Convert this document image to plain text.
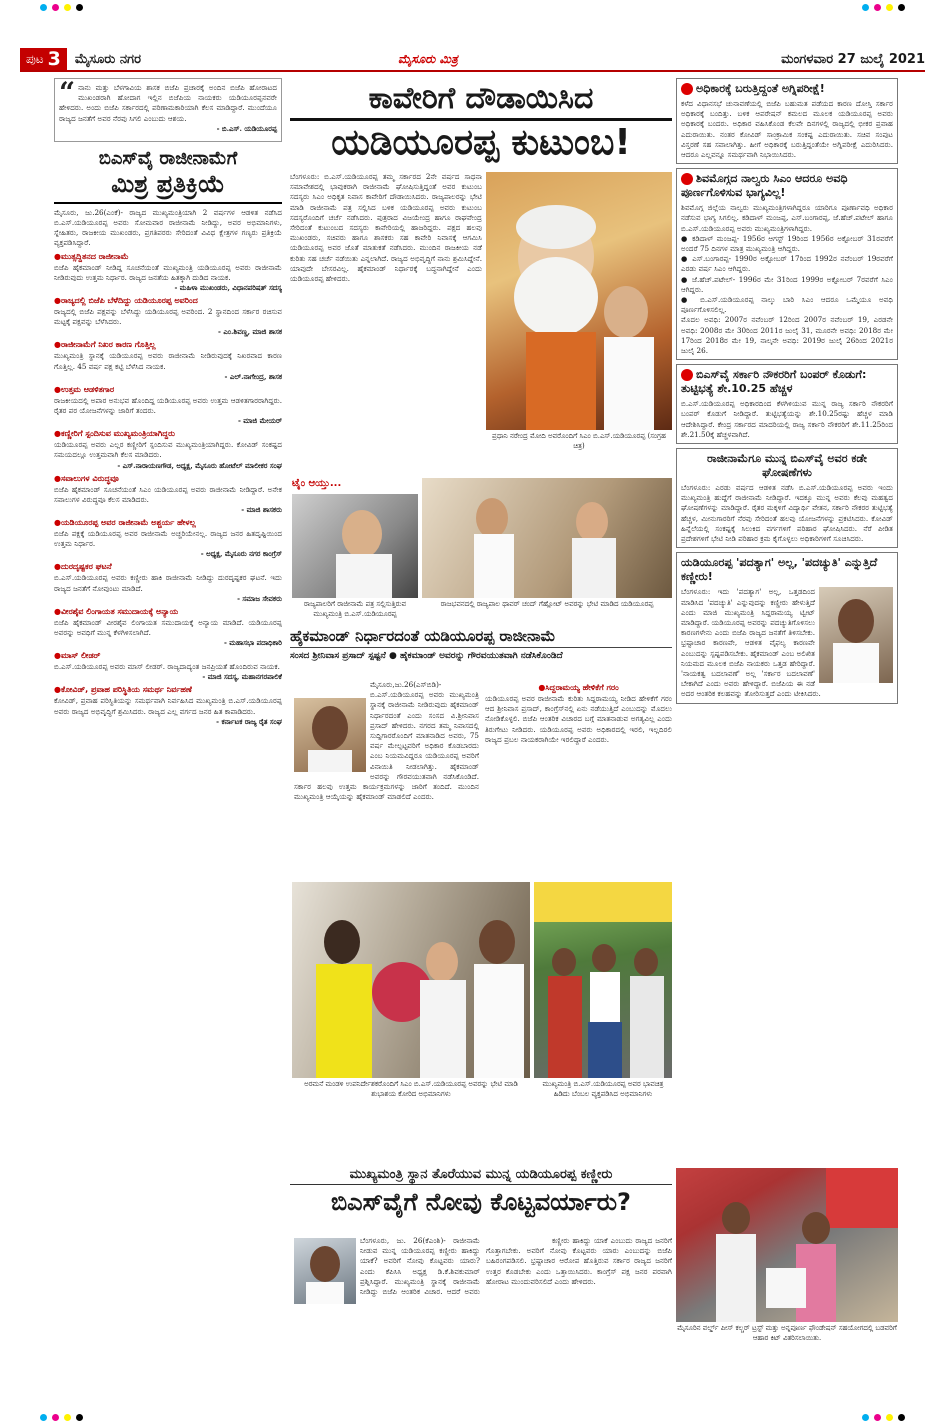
ಪುಟ 3 ಮೈಸೂರು ನಗರ	ಮೈಸೂರು ಮಿತ್ರ	ಮಂಗಳವಾರ 27 ಜುಲೈ 2021
“ ನಾನು ಮತ್ತು ಬೆಳಗಾವಿಯ ಶಾಸಕ ಬಿಜೆಪಿ ಪ್ರಚಾರಕ್ಕೆ ಅಂದಿನ ಬಿಜೆಪಿ ಹೋರಾಟದ ಮುಖಂಡರಾಗಿ ಹೋದಾಗ ಇಲ್ಲಿನ ಬಿಜೆಪಿಯ ನಾಯಕರು ಯಡಿಯೂರಪ್ಪನವರೇ ಹೇಳಿದರು. ಅಂದು ಬಿಜೆಪಿ ಸರ್ಕಾರದಲ್ಲಿ ಪರಿಣಾಮಕಾರಿಯಾಗಿ ಕೆಲಸ ಮಾಡಿದ್ದಾರೆ. ಮುಂದೆಯೂ ರಾಜ್ಯದ ಜನತೆಗೆ ಅವರ ನೆರವು ಸಿಗಲಿ ಎಂಬುದು ಆಶಯ.
- ಬಿ.ಎಸ್. ಯಡಿಯೂರಪ್ಪ
ಬಿಎಸ್‌ವೈ ರಾಜೀನಾಮೆಗೆ
ಮಿಶ್ರ ಪ್ರತಿಕ್ರಿಯೆ
ಮೈಸೂರು, ಜು.26(ಎಂಕೆ)- ರಾಜ್ಯದ ಮುಖ್ಯಮಂತ್ರಿಯಾಗಿ 2 ವರ್ಷಗಳ ಆಡಳಿತ ನಡೆಸಿದ ಬಿ.ಎಸ್.ಯಡಿಯೂರಪ್ಪ ಅವರು ಸೋಮವಾರ ರಾಜೀನಾಮೆ ನೀಡಿದ್ದು, ಅವರ ಅಭಿಮಾನಿಗಳು, ಸ್ನೇಹಿತರು, ರಾಜಕೀಯ ಮುಖಂಡರು, ಪ್ರಗತಿಪರರು ಸೇರಿದಂತೆ ವಿವಿಧ ಕ್ಷೇತ್ರಗಳ ಗಣ್ಯರು ಪ್ರತಿಕ್ರಿಯೆ ವ್ಯಕ್ತಪಡಿಸಿದ್ದಾರೆ.
● ಮುತ್ಸದ್ದಿತನದ ರಾಜೀನಾಮೆ
ಬಿಜೆಪಿ ಹೈಕಮಾಂಡ್ ನೀಡಿದ್ದ ಸೂಚನೆಯಂತೆ ಮುಖ್ಯಮಂತ್ರಿ ಯಡಿಯೂರಪ್ಪ ಅವರು ರಾಜೀನಾಮೆ ನೀಡಿರುವುದು ಉತ್ತಮ ನಿರ್ಧಾರ. ರಾಜ್ಯದ ಜನತೆಯ ಹಿತಕ್ಕಾಗಿ ದುಡಿದ ನಾಯಕ.
- ಮಹಿಳಾ ಮುಖಂಡರು, ವಿಧಾನಪರಿಷತ್ ಸದಸ್ಯ
● ರಾಜ್ಯದಲ್ಲಿ ಬಿಜೆಪಿ ಬೆಳೆದಿದ್ದು ಯಡಿಯೂರಪ್ಪ ಅವರಿಂದ
ರಾಜ್ಯದಲ್ಲಿ ಬಿಜೆಪಿ ಪಕ್ಷವನ್ನು ಬೆಳೆಸಿದ್ದು ಯಡಿಯೂರಪ್ಪ ಅವರಿಂದ. 2 ಸ್ಥಾನದಿಂದ ಸರ್ಕಾರ ರಚಿಸುವ ಮಟ್ಟಕ್ಕೆ ಪಕ್ಷವನ್ನು ಬೆಳೆಸಿದರು.
- ಎಂ.ಶಿವಣ್ಣ, ಮಾಜಿ ಶಾಸಕ
● ರಾಜೀನಾಮೆಗೆ ನಿಖರ ಕಾರಣ ಗೊತ್ತಿಲ್ಲ
ಮುಖ್ಯಮಂತ್ರಿ ಸ್ಥಾನಕ್ಕೆ ಯಡಿಯೂರಪ್ಪ ಅವರು ರಾಜೀನಾಮೆ ನೀಡಿರುವುದಕ್ಕೆ ನಿಖರವಾದ ಕಾರಣ ಗೊತ್ತಿಲ್ಲ. 45 ವರ್ಷ ಪಕ್ಷ ಕಟ್ಟಿ ಬೆಳೆಸಿದ ನಾಯಕ.
- ಎಲ್.ನಾಗೇಂದ್ರ, ಶಾಸಕ
● ಉತ್ತಮ ಆಡಳಿತಗಾರ
ರಾಜಕೀಯದಲ್ಲಿ ಅಪಾರ ಅನುಭವ ಹೊಂದಿದ್ದ ಯಡಿಯೂರಪ್ಪ ಅವರು ಉತ್ತಮ ಆಡಳಿತಗಾರರಾಗಿದ್ದರು. ರೈತರ ಪರ ಯೋಜನೆಗಳನ್ನು ಜಾರಿಗೆ ತಂದರು.
- ಮಾಜಿ ಮೇಯರ್
● ಕಣ್ಣೀರಿಗೆ ಸ್ಪಂದಿಸುವ ಮುಖ್ಯಮಂತ್ರಿಯಾಗಿದ್ದರು
ಯಡಿಯೂರಪ್ಪ ಅವರು ಎಲ್ಲರ ಕಣ್ಣೀರಿಗೆ ಸ್ಪಂದಿಸುವ ಮುಖ್ಯಮಂತ್ರಿಯಾಗಿದ್ದರು. ಕೋವಿಡ್ ಸಂಕಷ್ಟದ ಸಮಯದಲ್ಲೂ ಉತ್ತಮವಾಗಿ ಕೆಲಸ ಮಾಡಿದರು.
- ಎಸ್.ನಾರಾಯಣಗೌಡ, ಅಧ್ಯಕ್ಷ, ಮೈಸೂರು ಹೋಟೆಲ್ ಮಾಲೀಕರ ಸಂಘ
● ಸವಾಲುಗಳ ವಿರುದ್ಧವೂ
ಬಿಜೆಪಿ ಹೈಕಮಾಂಡ್ ಸೂಚನೆಯಂತೆ ಸಿಎಂ ಯಡಿಯೂರಪ್ಪ ಅವರು ರಾಜೀನಾಮೆ ನೀಡಿದ್ದಾರೆ. ಅನೇಕ ಸವಾಲುಗಳ ವಿರುದ್ಧವೂ ಕೆಲಸ ಮಾಡಿದರು.
- ಮಾಜಿ ಶಾಸಕರು
● ಯಡಿಯೂರಪ್ಪ ಅವರ ರಾಜೀನಾಮೆ ಅಶ್ಚರ್ಯ ಹೇಳಲ್ಲ
ಬಿಜೆಪಿ ಪಕ್ಷಕ್ಕೆ ಯಡಿಯೂರಪ್ಪ ಅವರ ರಾಜೀನಾಮೆ ಅಚ್ಚರಿಯೇನಲ್ಲ. ರಾಜ್ಯದ ಜನರ ಹಿತದೃಷ್ಟಿಯಿಂದ ಉತ್ತಮ ನಿರ್ಧಾರ.
- ಅಧ್ಯಕ್ಷ, ಮೈಸೂರು ನಗರ ಕಾಂಗ್ರೆಸ್
● ದುರದೃಷ್ಟಕರ ಘಟನೆ
ಬಿ.ಎಸ್.ಯಡಿಯೂರಪ್ಪ ಅವರು ಕಣ್ಣೀರು ಹಾಕಿ ರಾಜೀನಾಮೆ ನೀಡಿದ್ದು ದುರದೃಷ್ಟಕರ ಘಟನೆ. ಇದು ರಾಜ್ಯದ ಜನತೆಗೆ ನೋವುಂಟು ಮಾಡಿದೆ.
- ಸಮಾಜ ಸೇವಕರು
● ವೀರಶೈವ ಲಿಂಗಾಯತ ಸಮುದಾಯಕ್ಕೆ ಅನ್ಯಾಯ
ಬಿಜೆಪಿ ಹೈಕಮಾಂಡ್ ವೀರಶೈವ ಲಿಂಗಾಯತ ಸಮುದಾಯಕ್ಕೆ ಅನ್ಯಾಯ ಮಾಡಿದೆ. ಯಡಿಯೂರಪ್ಪ ಅವರನ್ನು ಅವಧಿಗೆ ಮುನ್ನ ಕೆಳಗಿಳಿಸಲಾಗಿದೆ.
- ಮಹಾಸಭಾ ಪದಾಧಿಕಾರಿ
● ಮಾಸ್ ಲೀಡರ್
ಬಿ.ಎಸ್.ಯಡಿಯೂರಪ್ಪ ಅವರು ಮಾಸ್ ಲೀಡರ್. ರಾಜ್ಯದಾದ್ಯಂತ ಜನಪ್ರಿಯತೆ ಹೊಂದಿರುವ ನಾಯಕ.
- ಮಾಜಿ ಸದಸ್ಯ, ಮಹಾನಗರಪಾಲಿಕೆ
● ಕೋವಿಡ್, ಪ್ರವಾಹ ಪರಿಸ್ಥಿತಿಯ ಸಮರ್ಥ ನಿರ್ವಹಣೆ
ಕೋವಿಡ್, ಪ್ರವಾಹ ಪರಿಸ್ಥಿತಿಯನ್ನು ಸಮರ್ಥವಾಗಿ ನಿರ್ವಹಿಸಿದ ಮುಖ್ಯಮಂತ್ರಿ ಬಿ.ಎಸ್.ಯಡಿಯೂರಪ್ಪ ಅವರು ರಾಜ್ಯದ ಅಭಿವೃದ್ಧಿಗೆ ಶ್ರಮಿಸಿದರು. ರಾಜ್ಯದ ಎಲ್ಲ ವರ್ಗದ ಜನರ ಹಿತ ಕಾಪಾಡಿದರು.
- ಕರ್ನಾಟಕ ರಾಜ್ಯ ರೈತ ಸಂಘ
ಕಾವೇರಿಗೆ ದೌಡಾಯಿಸಿದ
ಯಡಿಯೂರಪ್ಪ ಕುಟುಂಬ!
ಬೆಂಗಳೂರು: ಬಿ.ಎಸ್.ಯಡಿಯೂರಪ್ಪ ತಮ್ಮ ಸರ್ಕಾರದ 2ನೇ ವರ್ಷದ ಸಾಧನಾ ಸಮಾವೇಶದಲ್ಲಿ ಭಾವುಕರಾಗಿ ರಾಜೀನಾಮೆ ಘೋಷಿಸುತ್ತಿದ್ದಂತೆ ಅವರ ಕುಟುಂಬ ಸದಸ್ಯರು ಸಿಎಂ ಅಧಿಕೃತ ನಿವಾಸ ಕಾವೇರಿಗೆ ದೌಡಾಯಿಸಿದರು. ರಾಜ್ಯಪಾಲರನ್ನು ಭೇಟಿ ಮಾಡಿ ರಾಜೀನಾಮೆ ಪತ್ರ ಸಲ್ಲಿಸಿದ ಬಳಿಕ ಯಡಿಯೂರಪ್ಪ ಅವರು ಕುಟುಂಬ ಸದಸ್ಯರೊಂದಿಗೆ ಚರ್ಚೆ ನಡೆಸಿದರು. ಪುತ್ರರಾದ ವಿಜಯೇಂದ್ರ ಹಾಗೂ ರಾಘವೇಂದ್ರ ಸೇರಿದಂತೆ ಕುಟುಂಬದ ಸದಸ್ಯರು ಕಾವೇರಿಯಲ್ಲಿ ಹಾಜರಿದ್ದರು. ಪಕ್ಷದ ಹಲವು ಮುಖಂಡರು, ಸಚಿವರು ಹಾಗೂ ಶಾಸಕರು ಸಹ ಕಾವೇರಿ ನಿವಾಸಕ್ಕೆ ಆಗಮಿಸಿ ಯಡಿಯೂರಪ್ಪ ಅವರ ಜೊತೆ ಮಾತುಕತೆ ನಡೆಸಿದರು. ಮುಂದಿನ ರಾಜಕೀಯ ನಡೆ ಕುರಿತು ಸಹ ಚರ್ಚೆ ನಡೆಯಿತು ಎನ್ನಲಾಗಿದೆ. ರಾಜ್ಯದ ಅಭಿವೃದ್ಧಿಗೆ ನಾನು ಶ್ರಮಿಸಿದ್ದೇನೆ. ಯಾವುದೇ ಬೇಸರವಿಲ್ಲ. ಹೈಕಮಾಂಡ್ ನಿರ್ಧಾರಕ್ಕೆ ಬದ್ಧನಾಗಿದ್ದೇನೆ ಎಂದು ಯಡಿಯೂರಪ್ಪ ಹೇಳಿದರು.
ಪ್ರಧಾನಿ ನರೇಂದ್ರ ಮೋದಿ ಅವರೊಂದಿಗೆ ಸಿಎಂ ಬಿ.ಎಸ್.ಯಡಿಯೂರಪ್ಪ (ಸಂಗ್ರಹ ಚಿತ್ರ)
ಟೈಂ ಆಯ್ತು...
ರಾಜ್ಯಪಾಲರಿಗೆ ರಾಜೀನಾಮೆ ಪತ್ರ ಸಲ್ಲಿಸುತ್ತಿರುವ ಮುಖ್ಯಮಂತ್ರಿ ಬಿ.ಎಸ್.ಯಡಿಯೂರಪ್ಪ
ರಾಜಭವನದಲ್ಲಿ ರಾಜ್ಯಪಾಲ ಥಾವರ್ ಚಂದ್ ಗೆಹ್ಲೋಟ್ ಅವರನ್ನು ಭೇಟಿ ಮಾಡಿದ ಯಡಿಯೂರಪ್ಪ
ಹೈಕಮಾಂಡ್ ನಿರ್ಧಾರದಂತೆ ಯಡಿಯೂರಪ್ಪ ರಾಜೀನಾಮೆ
ಸಂಸದ ಶ್ರೀನಿವಾಸ ಪ್ರಸಾದ್ ಸ್ಪಷ್ಟನೆ ● ಹೈಕಮಾಂಡ್ ಅವರನ್ನು ಗೌರವಯುತವಾಗಿ ನಡೆಸಿಕೊಂಡಿದೆ
ಮೈಸೂರು,ಜು.26(ಎಸ್‌ಬಿಡಿ)- ಬಿ.ಎಸ್.ಯಡಿಯೂರಪ್ಪ ಅವರು ಮುಖ್ಯಮಂತ್ರಿ ಸ್ಥಾನಕ್ಕೆ ರಾಜೀನಾಮೆ ನೀಡಿರುವುದು ಹೈಕಮಾಂಡ್ ನಿರ್ಧಾರದಂತೆ ಎಂದು ಸಂಸದ ವಿ.ಶ್ರೀನಿವಾಸ ಪ್ರಸಾದ್ ಹೇಳಿದರು. ನಗರದ ತಮ್ಮ ನಿವಾಸದಲ್ಲಿ ಸುದ್ದಿಗಾರರೊಂದಿಗೆ ಮಾತನಾಡಿದ ಅವರು, 75 ವರ್ಷ ಮೇಲ್ಪಟ್ಟವರಿಗೆ ಅಧಿಕಾರ ಕೊಡಬಾರದು ಎಂಬ ನಿಯಮವಿದ್ದರೂ ಯಡಿಯೂರಪ್ಪ ಅವರಿಗೆ ವಿನಾಯಿತಿ ನೀಡಲಾಗಿತ್ತು. ಹೈಕಮಾಂಡ್ ಅವರನ್ನು ಗೌರವಯುತವಾಗಿ ನಡೆಸಿಕೊಂಡಿದೆ. ಸರ್ಕಾರ ಹಲವು ಉತ್ತಮ ಕಾರ್ಯಕ್ರಮಗಳನ್ನು ಜಾರಿಗೆ ತಂದಿದೆ. ಮುಂದಿನ ಮುಖ್ಯಮಂತ್ರಿ ಆಯ್ಕೆಯನ್ನು ಹೈಕಮಾಂಡ್ ಮಾಡಲಿದೆ ಎಂದರು.
● ಸಿದ್ದರಾಮಯ್ಯ ಹೇಳಿಕೆಗೆ ಗರಂ
ಯಡಿಯೂರಪ್ಪ ಅವರ ರಾಜೀನಾಮೆ ಕುರಿತು ಸಿದ್ದರಾಮಯ್ಯ ನೀಡಿದ ಹೇಳಿಕೆಗೆ ಗರಂ ಆದ ಶ್ರೀನಿವಾಸ ಪ್ರಸಾದ್, ಕಾಂಗ್ರೆಸ್‌ನಲ್ಲಿ ಏನು ನಡೆಯುತ್ತಿದೆ ಎಂಬುದನ್ನು ಮೊದಲು ನೋಡಿಕೊಳ್ಳಲಿ. ಬಿಜೆಪಿ ಆಂತರಿಕ ವಿಚಾರದ ಬಗ್ಗೆ ಮಾತನಾಡುವ ಅಗತ್ಯವಿಲ್ಲ ಎಂದು ತಿರುಗೇಟು ನೀಡಿದರು. ಯಡಿಯೂರಪ್ಪ ಅವರು ಅಧಿಕಾರದಲ್ಲಿ ಇರಲಿ, ಇಲ್ಲದಿರಲಿ ರಾಜ್ಯದ ಪ್ರಬಲ ನಾಯಕರಾಗಿಯೇ ಇರಲಿದ್ದಾರೆ ಎಂದರು.
ಅರಮನೆ ಮಂಡಳಿ ಉಪನಿರ್ದೇಶಕರೊಂದಿಗೆ ಸಿಎಂ ಬಿ.ಎಸ್.ಯಡಿಯೂರಪ್ಪ ಅವರನ್ನು ಭೇಟಿ ಮಾಡಿ ಶುಭಾಶಯ ಕೋರಿದ ಅಭಿಮಾನಿಗಳು
ಮುಖ್ಯಮಂತ್ರಿ ಬಿ.ಎಸ್.ಯಡಿಯೂರಪ್ಪ ಅವರ ಭಾವಚಿತ್ರ ಹಿಡಿದು ಬೆಂಬಲ ವ್ಯಕ್ತಪಡಿಸಿದ ಅಭಿಮಾನಿಗಳು
ಮುಖ್ಯಮಂತ್ರಿ ಸ್ಥಾನ ತೊರೆಯುವ ಮುನ್ನ ಯಡಿಯೂರಪ್ಪ ಕಣ್ಣೀರು
ಬಿಎಸ್‌ವೈಗೆ ನೋವು ಕೊಟ್ಟವರ್ಯಾರು?
ಬೆಂಗಳೂರು, ಜು. 26(ಕೆಎಂಶಿ)- ರಾಜೀನಾಮೆ ನೀಡುವ ಮುನ್ನ ಯಡಿಯೂರಪ್ಪ ಕಣ್ಣೀರು ಹಾಕಿದ್ದು ಯಾಕೆ? ಅವರಿಗೆ ನೋವು ಕೊಟ್ಟವರು ಯಾರು? ಎಂದು ಕೆಪಿಸಿಸಿ ಅಧ್ಯಕ್ಷ ಡಿ.ಕೆ.ಶಿವಕುಮಾರ್ ಪ್ರಶ್ನಿಸಿದ್ದಾರೆ. ಮುಖ್ಯಮಂತ್ರಿ ಸ್ಥಾನಕ್ಕೆ ರಾಜೀನಾಮೆ ನೀಡಿದ್ದು ಬಿಜೆಪಿ ಆಂತರಿಕ ವಿಚಾರ. ಆದರೆ ಅವರು ಕಣ್ಣೀರು ಹಾಕಿದ್ದು ಯಾಕೆ ಎಂಬುದು ರಾಜ್ಯದ ಜನರಿಗೆ ಗೊತ್ತಾಗಬೇಕು. ಅವರಿಗೆ ನೋವು ಕೊಟ್ಟವರು ಯಾರು ಎಂಬುದನ್ನು ಬಿಜೆಪಿ ಬಹಿರಂಗಪಡಿಸಲಿ. ಭ್ರಷ್ಟಾಚಾರ ಆರೋಪ ಹೊತ್ತಿರುವ ಸರ್ಕಾರ ರಾಜ್ಯದ ಜನರಿಗೆ ಉತ್ತರ ಕೊಡಬೇಕು ಎಂದು ಒತ್ತಾಯಿಸಿದರು. ಕಾಂಗ್ರೆಸ್ ಪಕ್ಷ ಜನರ ಪರವಾಗಿ ಹೋರಾಟ ಮುಂದುವರಿಸಲಿದೆ ಎಂದು ಹೇಳಿದರು.
ಅಧಿಕಾರಕ್ಕೆ ಬರುತ್ತಿದ್ದಂತೆ ಅಗ್ನಿಪರೀಕ್ಷೆ!
ಕಳೆದ ವಿಧಾನಸಭೆ ಚುನಾವಣೆಯಲ್ಲಿ ಬಿಜೆಪಿ ಬಹುಮತ ಪಡೆಯದ ಕಾರಣ ದೋಸ್ತಿ ಸರ್ಕಾರ ಅಧಿಕಾರಕ್ಕೆ ಬಂದಿತ್ತು. ಬಳಿಕ ಆಪರೇಷನ್ ಕಮಲದ ಮೂಲಕ ಯಡಿಯೂರಪ್ಪ ಅವರು ಅಧಿಕಾರಕ್ಕೆ ಬಂದರು. ಅಧಿಕಾರ ವಹಿಸಿಕೊಂಡ ಕೆಲವೇ ದಿನಗಳಲ್ಲಿ ರಾಜ್ಯದಲ್ಲಿ ಭೀಕರ ಪ್ರವಾಹ ಎದುರಾಯಿತು. ನಂತರ ಕೋವಿಡ್ ಸಾಂಕ್ರಾಮಿಕ ಸಂಕಷ್ಟ ಎದುರಾಯಿತು. ಸಚಿವ ಸಂಪುಟ ವಿಸ್ತರಣೆ ಸಹ ಸವಾಲಾಗಿತ್ತು. ಹೀಗೆ ಅಧಿಕಾರಕ್ಕೆ ಬರುತ್ತಿದ್ದಂತೆಯೇ ಅಗ್ನಿಪರೀಕ್ಷೆ ಎದುರಿಸಿದರು. ಆದರೂ ಎಲ್ಲವನ್ನೂ ಸಮರ್ಥವಾಗಿ ನಿಭಾಯಿಸಿದರು.
ಶಿವಮೊಗ್ಗದ ನಾಲ್ವರು ಸಿಎಂ ಆದರೂ ಅವಧಿ ಪೂರ್ಣಗೊಳಿಸುವ ಭಾಗ್ಯವಿಲ್ಲ!
ಶಿವಮೊಗ್ಗ ಜಿಲ್ಲೆಯ ನಾಲ್ವರು ಮುಖ್ಯಮಂತ್ರಿಗಳಾಗಿದ್ದರೂ ಯಾರಿಗೂ ಪೂರ್ಣಾವಧಿ ಅಧಿಕಾರ ನಡೆಸುವ ಭಾಗ್ಯ ಸಿಗಲಿಲ್ಲ. ಕಡಿದಾಳ್ ಮಂಜಪ್ಪ, ಎಸ್.ಬಂಗಾರಪ್ಪ, ಜೆ.ಹೆಚ್.ಪಟೇಲ್ ಹಾಗೂ ಬಿ.ಎಸ್.ಯಡಿಯೂರಪ್ಪ ಅವರು ಮುಖ್ಯಮಂತ್ರಿಗಳಾಗಿದ್ದರು.
● ಕಡಿದಾಳ್ ಮಂಜಪ್ಪ- 1956ರ ಆಗಸ್ಟ್ 19ರಿಂದ 1956ರ ಅಕ್ಟೋಬರ್ 31ರವರೆಗೆ ಅಂದರೆ 75 ದಿನಗಳ ಮಾತ್ರ ಮುಖ್ಯಮಂತ್ರಿ ಆಗಿದ್ದರು.
● ಎಸ್.ಬಂಗಾರಪ್ಪ- 1990ರ ಅಕ್ಟೋಬರ್ 17ರಿಂದ 1992ರ ನವೆಂಬರ್ 19ರವರೆಗೆ ಎರಡು ವರ್ಷ ಸಿಎಂ ಆಗಿದ್ದರು.
● ಜೆ.ಹೆಚ್.ಪಟೇಲ್- 1996ರ ಮೇ 31ರಿಂದ 1999ರ ಅಕ್ಟೋಬರ್ 7ರವರೆಗೆ ಸಿಎಂ ಆಗಿದ್ದರು.
● ಬಿ.ಎಸ್.ಯಡಿಯೂರಪ್ಪ ನಾಲ್ಕು ಬಾರಿ ಸಿಎಂ ಆದರೂ ಒಮ್ಮೆಯೂ ಅವಧಿ ಪೂರ್ಣಗೊಳಿಸಲಿಲ್ಲ.
ಮೊದಲ ಅವಧಿ: 2007ರ ನವೆಂಬರ್ 12ರಿಂದ 2007ರ ನವೆಂಬರ್ 19, ಎರಡನೇ ಅವಧಿ: 2008ರ ಮೇ 30ರಿಂದ 2011ರ ಜುಲೈ 31, ಮೂರನೇ ಅವಧಿ: 2018ರ ಮೇ 17ರಿಂದ 2018ರ ಮೇ 19, ನಾಲ್ಕನೇ ಅವಧಿ: 2019ರ ಜುಲೈ 26ರಿಂದ 2021ರ ಜುಲೈ 26.
ಬಿಎಸ್‌ವೈ ಸರ್ಕಾರಿ ನೌಕರರಿಗೆ ಬಂಪರ್ ಕೊಡುಗೆ: ತುಟ್ಟಿಭತ್ಯೆ ಶೇ.10.25 ಹೆಚ್ಚಳ
ಬಿ.ಎಸ್.ಯಡಿಯೂರಪ್ಪ ಅಧಿಕಾರದಿಂದ ಕೆಳಗಿಳಿಯುವ ಮುನ್ನ ರಾಜ್ಯ ಸರ್ಕಾರಿ ನೌಕರರಿಗೆ ಬಂಪರ್ ಕೊಡುಗೆ ನೀಡಿದ್ದಾರೆ. ತುಟ್ಟಿಭತ್ಯೆಯನ್ನು ಶೇ.10.25ರಷ್ಟು ಹೆಚ್ಚಳ ಮಾಡಿ ಆದೇಶಿಸಿದ್ದಾರೆ. ಕೇಂದ್ರ ಸರ್ಕಾರದ ಮಾದರಿಯಲ್ಲಿ ರಾಜ್ಯ ಸರ್ಕಾರಿ ನೌಕರರಿಗೆ ಶೇ.11.25ರಿಂದ ಶೇ.21.50ಕ್ಕೆ ಹೆಚ್ಚಳವಾಗಿದೆ.
ರಾಜೀನಾಮೆಗೂ ಮುನ್ನ ಬಿಎಸ್‌ವೈ ಅವರ ಕಡೇ ಘೋಷಣೆಗಳು
ಬೆಂಗಳೂರು: ಎರಡು ವರ್ಷದ ಆಡಳಿತ ನಡೆಸಿ ಬಿ.ಎಸ್.ಯಡಿಯೂರಪ್ಪ ಅವರು ಇಂದು ಮುಖ್ಯಮಂತ್ರಿ ಹುದ್ದೆಗೆ ರಾಜೀನಾಮೆ ನೀಡಿದ್ದಾರೆ. ಇದಕ್ಕೂ ಮುನ್ನ ಅವರು ಕೆಲವು ಮಹತ್ವದ ಘೋಷಣೆಗಳನ್ನು ಮಾಡಿದ್ದಾರೆ. ರೈತರ ಮಕ್ಕಳಿಗೆ ವಿದ್ಯಾರ್ಥಿ ವೇತನ, ಸರ್ಕಾರಿ ನೌಕರರ ತುಟ್ಟಿಭತ್ಯೆ ಹೆಚ್ಚಳ, ಮೀನುಗಾರರಿಗೆ ನೆರವು ಸೇರಿದಂತೆ ಹಲವು ಯೋಜನೆಗಳನ್ನು ಪ್ರಕಟಿಸಿದರು. ಕೋವಿಡ್ ಹಿನ್ನೆಲೆಯಲ್ಲಿ ಸಂಕಷ್ಟಕ್ಕೆ ಸಿಲುಕಿದ ವರ್ಗಗಳಿಗೆ ಪರಿಹಾರ ಘೋಷಿಸಿದರು. ನೆರೆ ಪೀಡಿತ ಪ್ರದೇಶಗಳಿಗೆ ಭೇಟಿ ನೀಡಿ ಪರಿಹಾರ ಕ್ರಮ ಕೈಗೊಳ್ಳಲು ಅಧಿಕಾರಿಗಳಿಗೆ ಸೂಚಿಸಿದರು.
ಯಡಿಯೂರಪ್ಪ 'ಪದತ್ಯಾಗ' ಅಲ್ಲ, 'ಪದಚ್ಯುತಿ' ಎನ್ನುತ್ತಿದೆ ಕಣ್ಣೀರು!
ಬೆಂಗಳೂರು: ಇದು 'ಪದತ್ಯಾಗ' ಅಲ್ಲ, ಒತ್ತಡದಿಂದ ಮಾಡಿಸಿದ 'ಪದಚ್ಯುತಿ' ಎನ್ನುವುದನ್ನು ಕಣ್ಣೀರು ಹೇಳುತ್ತಿದೆ ಎಂದು ಮಾಜಿ ಮುಖ್ಯಮಂತ್ರಿ ಸಿದ್ದರಾಮಯ್ಯ ಟ್ವೀಟ್ ಮಾಡಿದ್ದಾರೆ. ಯಡಿಯೂರಪ್ಪ ಅವರನ್ನು ಪದಚ್ಯುತಿಗೊಳಿಸಲು ಕಾರಣಗಳೇನು ಎಂದು ಬಿಜೆಪಿ ರಾಜ್ಯದ ಜನತೆಗೆ ತಿಳಿಸಬೇಕು. ಭ್ರಷ್ಟಾಚಾರ ಕಾರಣವೇ, ಆಡಳಿತ ವೈಫಲ್ಯ ಕಾರಣವೇ ಎಂಬುದನ್ನು ಸ್ಪಷ್ಟಪಡಿಸಬೇಕು. ಹೈಕಮಾಂಡ್ ಎಂಬ ಅಲಿಖಿತ ನಿಯಮದ ಮೂಲಕ ಬಿಜೆಪಿ ನಾಯಕರು ಒತ್ತಡ ಹೇರಿದ್ದಾರೆ. 'ನಾಯಕತ್ವ ಬದಲಾವಣೆ' ಅಲ್ಲ 'ಸರ್ಕಾರ ಬದಲಾವಣೆ' ಬೇಕಾಗಿದೆ ಎಂದು ಅವರು ಹೇಳಿದ್ದಾರೆ. ಬಿಜೆಪಿಯ ಈ ನಡೆ ಅದರ ಆಂತರಿಕ ಕಲಹವನ್ನು ತೋರಿಸುತ್ತದೆ ಎಂದು ಟೀಕಿಸಿದರು.
ಮೈಸೂರಿನ ವರ್ಲ್ಡ್ ಪೀಸ್ ಕಲ್ಚರ್ ಟ್ರಸ್ಟ್ ಮತ್ತು ಅನ್ನಪೂರ್ಣ ಫೌಂಡೇಷನ್ ಸಹಯೋಗದಲ್ಲಿ ಬಡವರಿಗೆ ಆಹಾರ ಕಿಟ್ ವಿತರಿಸಲಾಯಿತು.
